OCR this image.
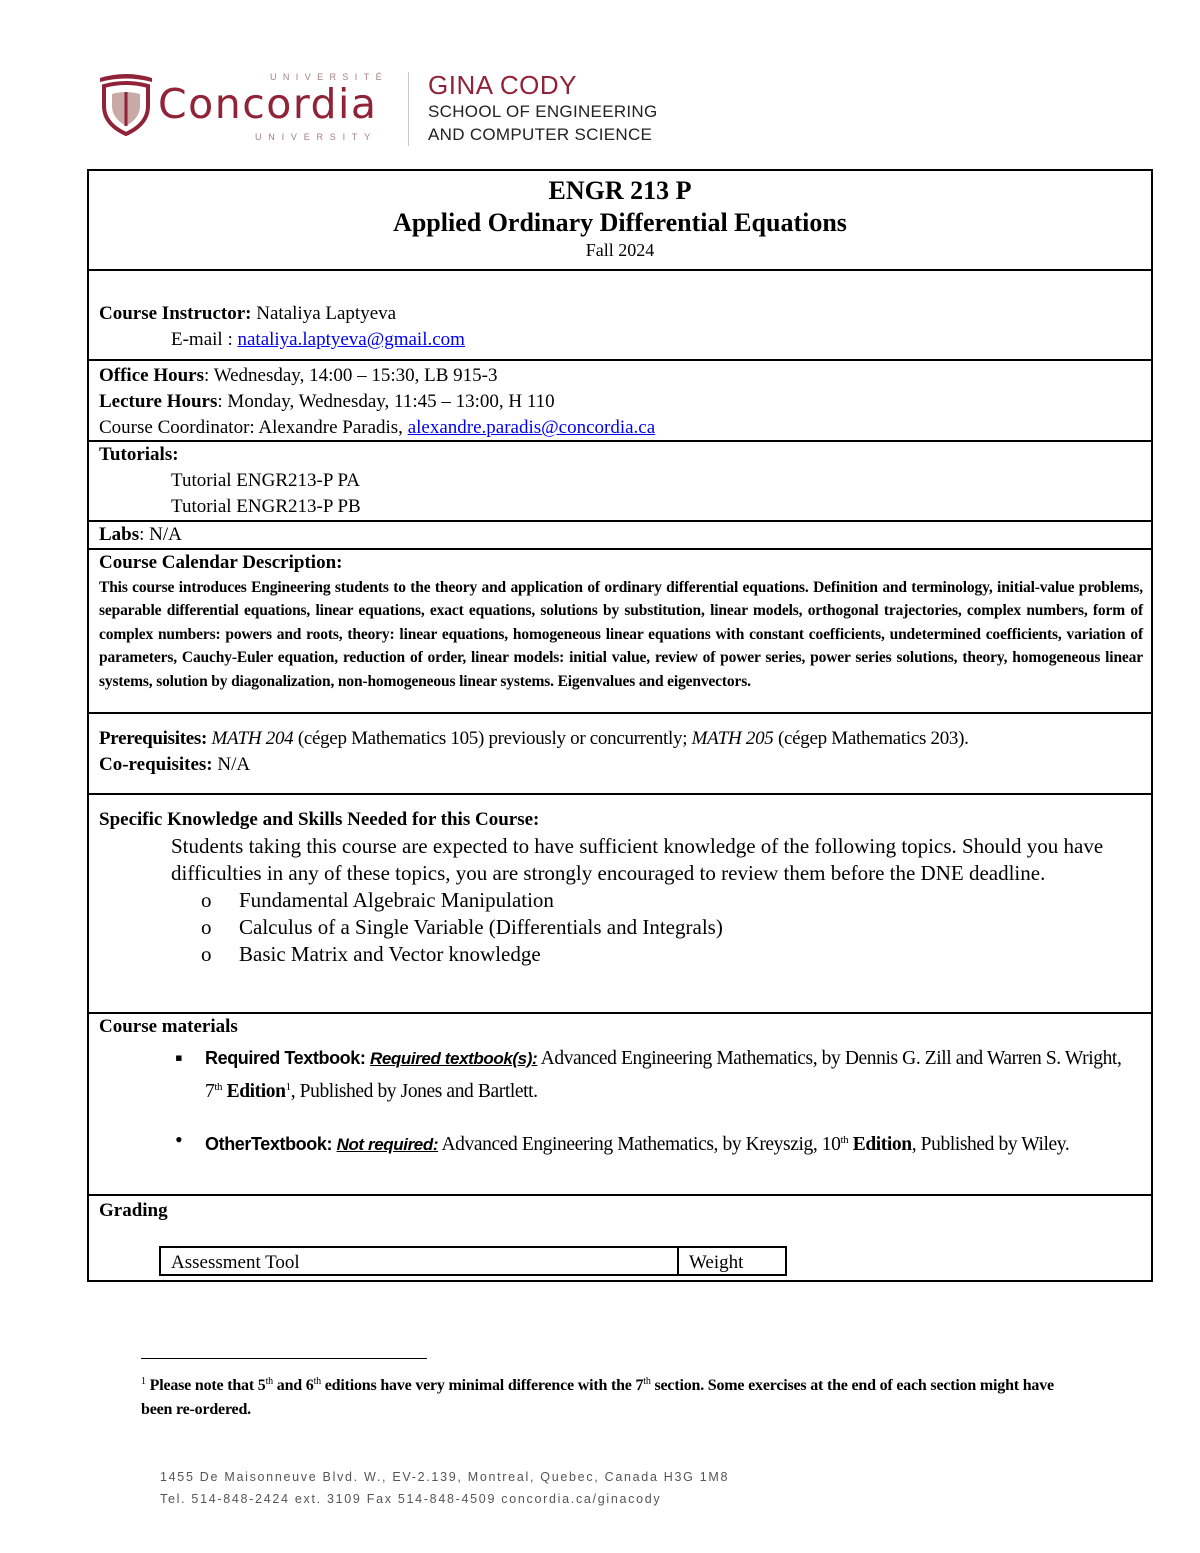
UNIVERSITÉ
Concordia
UNIVERSITY
GINA CODY
SCHOOL OF ENGINEERING
AND COMPUTER SCIENCE
ENGR 213 P
Applied Ordinary Differential Equations
Fall 2024
Course Instructor: Nataliya Laptyeva
E-mail : nataliya.laptyeva@gmail.com
Office Hours: Wednesday, 14:00 – 15:30, LB 915-3
Lecture Hours: Monday, Wednesday, 11:45 – 13:00, H 110
Course Coordinator: Alexandre Paradis, alexandre.paradis@concordia.ca
Tutorials:
Tutorial ENGR213-P PA
Tutorial ENGR213-P PB
Labs: N/A
Course Calendar Description:
This course introduces Engineering students to the theory and application of ordinary differential equations. Definition and terminology, initial-value problems, separable differential equations, linear equations, exact equations, solutions by substitution, linear models, orthogonal trajectories, complex numbers, form of complex numbers: powers and roots, theory: linear equations, homogeneous linear equations with constant coefficients, undetermined coefficients, variation of parameters, Cauchy-Euler equation, reduction of order, linear models: initial value, review of power series, power series solutions, theory, homogeneous linear systems, solution by diagonalization, non-homogeneous linear systems. Eigenvalues and eigenvectors.
Prerequisites: MATH 204 (cégep Mathematics 105) previously or concurrently; MATH 205 (cégep Mathematics 203).
Co-requisites: N/A
Specific Knowledge and Skills Needed for this Course:
Students taking this course are expected to have sufficient knowledge of the following topics. Should you have difficulties in any of these topics, you are strongly encouraged to review them before the DNE deadline.
o Fundamental Algebraic Manipulation
o Calculus of a Single Variable (Differentials and Integrals)
o Basic Matrix and Vector knowledge
Course materials
▪ Required Textbook: Required textbook(s): Advanced Engineering Mathematics, by Dennis G. Zill and Warren S. Wright, 7th Edition$^1$, Published by Jones and Bartlett.
• OtherTextbook: Not required: Advanced Engineering Mathematics, by Kreyszig, 10th Edition, Published by Wiley.
Grading
Assessment Tool	Weight
$^1$ Please note that 5th and 6th editions have very minimal difference with the 7th section. Some exercises at the end of each section might have been re-ordered.
1455 De Maisonneuve Blvd. W., EV-2.139, Montreal, Quebec, Canada H3G 1M8
Tel. 514-848-2424 ext. 3109 Fax 514-848-4509 concordia.ca/ginacody
